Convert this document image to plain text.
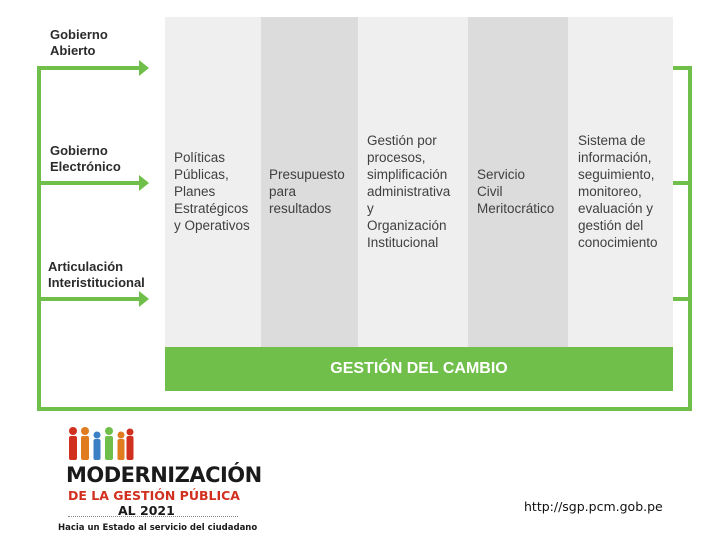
Gobierno
Abierto
Gobierno
Electrónico
Articulación
Interistitucional
Políticas
Públicas,
Planes
Estratégicos
y Operativos
Presupuesto
para
resultados
Gestión por
procesos,
simplificación
administrativa
y
Organización
Institucional
Servicio
Civil
Meritocrático
Sistema de
información,
seguimiento,
monitoreo,
evaluación y
gestión del
conocimiento
GESTIÓN DEL CAMBIO
MODERNIZACIÓN
DE LA GESTIÓN PÚBLICA
AL 2021
Hacia un Estado al servicio del ciudadano
http://sgp.pcm.gob.pe
